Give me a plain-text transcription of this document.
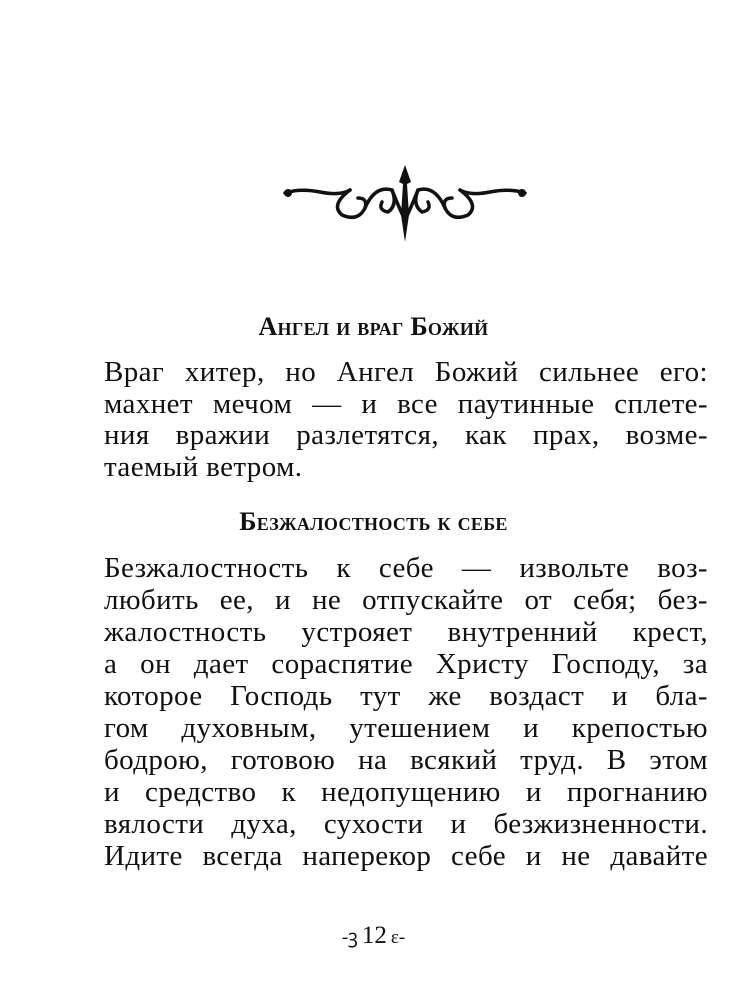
Ангел и враг Божий
Враг хитер, но Ангел Божий сильнее его:
махнет мечом — и все паутинные сплете-
ния вражии разлетятся, как прах, возме-
таемый ветром.
Безжалостность к себе
Безжалостность к себе — извольте воз-
любить ее, и не отпускайте от себя; без-
жалостность устрояет внутренний крест,
а он дает сораспятие Христу Господу, за
которое Господь тут же воздаст и бла-
гом духовным, утешением и крепостью
бодрою, готовою на всякий труд. В этом
и средство к недопущению и прогнанию
вялости духа, сухости и безжизненности.
Идите всегда наперекор себе и не давайте
-ꝫ 12 ɛ-
